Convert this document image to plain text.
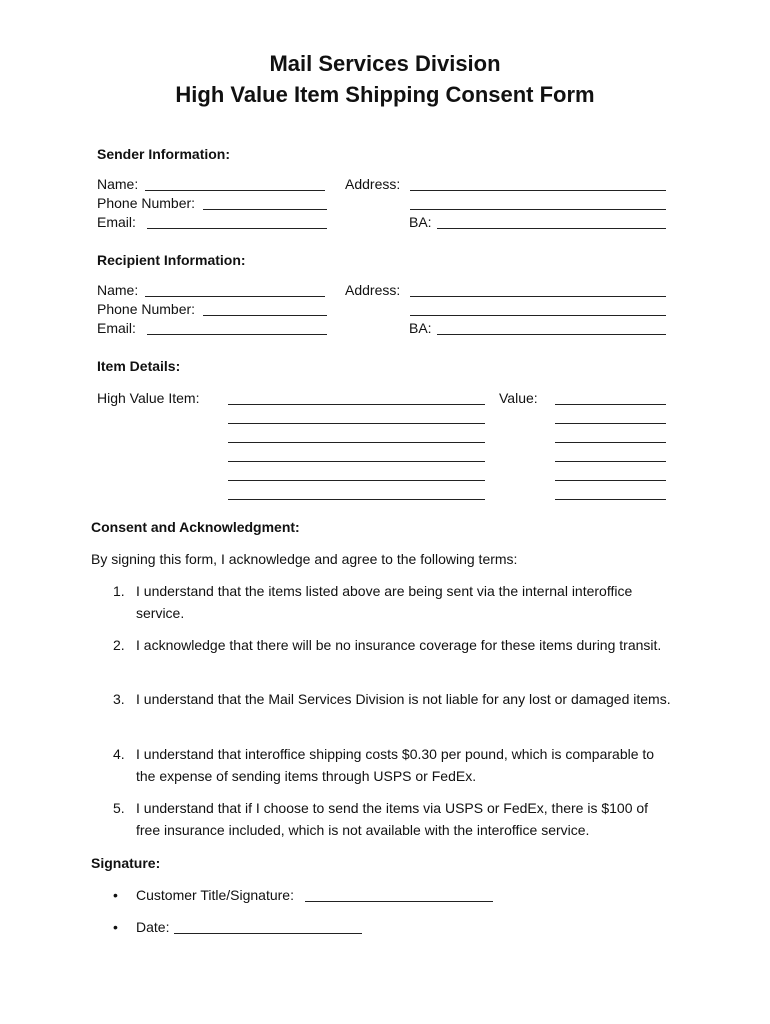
Mail Services Division
High Value Item Shipping Consent Form
Sender Information:
Name:
Phone Number:
Email:
Address:
BA:
Recipient Information:
Name:
Phone Number:
Email:
Address:
BA:
Item Details:
High Value Item:	Value:
Consent and Acknowledgment:
By signing this form, I acknowledge and agree to the following terms:
1. I understand that the items listed above are being sent via the internal interoffice service.
2. I acknowledge that there will be no insurance coverage for these items during transit.
3. I understand that the Mail Services Division is not liable for any lost or damaged items.
4. I understand that interoffice shipping costs $0.30 per pound, which is comparable to the expense of sending items through USPS or FedEx.
5. I understand that if I choose to send the items via USPS or FedEx, there is $100 of free insurance included, which is not available with the interoffice service.
Signature:
• Customer Title/Signature:
• Date:
